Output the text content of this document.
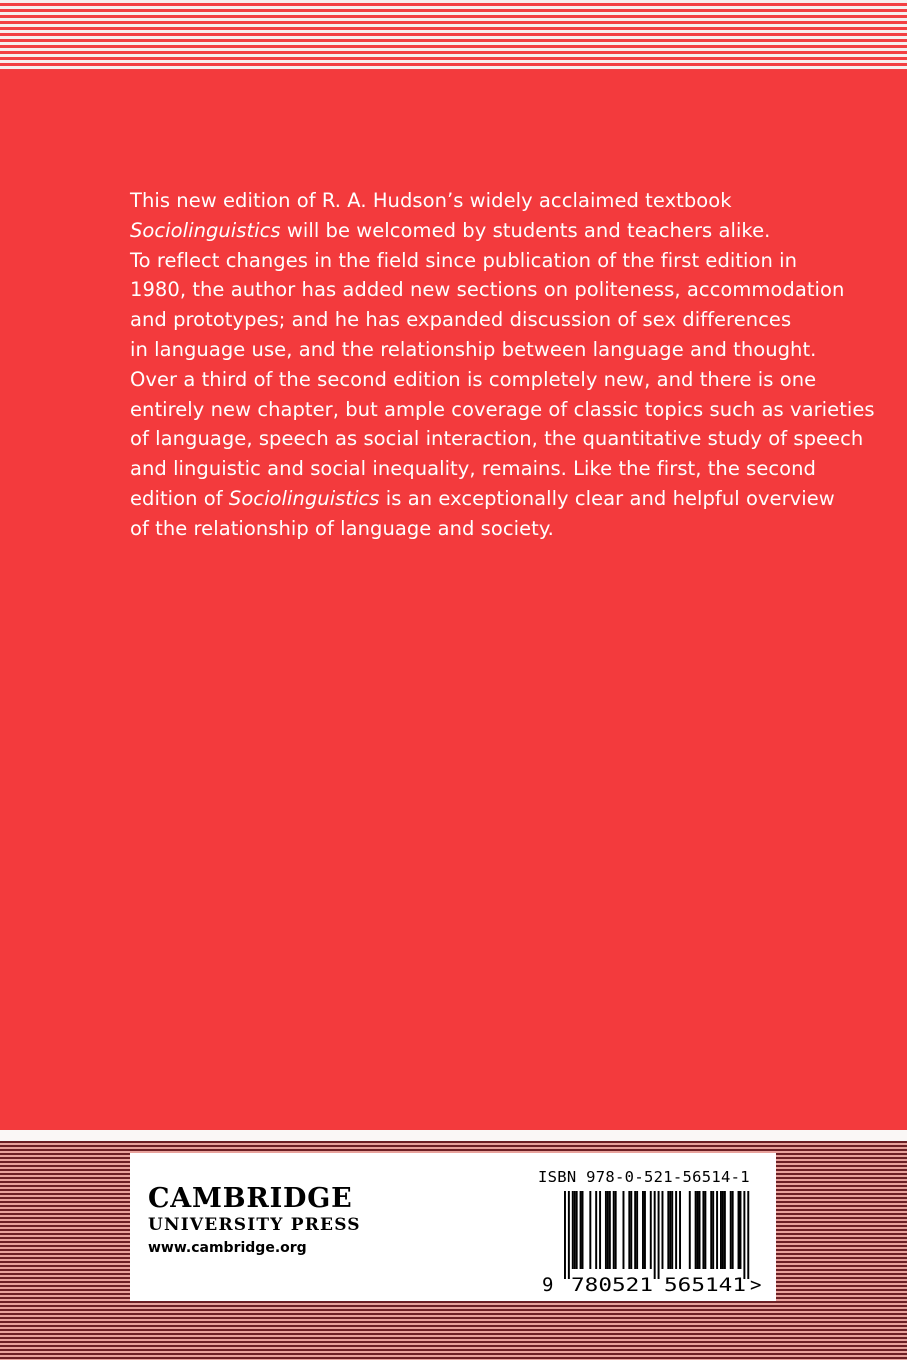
This new edition of R. A. Hudson’s widely acclaimed textbook
Sociolinguistics will be welcomed by students and teachers alike.
To reflect changes in the field since publication of the first edition in
1980, the author has added new sections on politeness, accommodation
and prototypes; and he has expanded discussion of sex differences
in language use, and the relationship between language and thought.
Over a third of the second edition is completely new, and there is one
entirely new chapter, but ample coverage of classic topics such as varieties
of language, speech as social interaction, the quantitative study of speech
and linguistic and social inequality, remains. Like the first, the second
edition of Sociolinguistics is an exceptionally clear and helpful overview
of the relationship of language and society.
CAMBRIDGE
UNIVERSITY PRESS
www.cambridge.org
ISBN 978-0-521-56514-1
9 780521 565141 >
